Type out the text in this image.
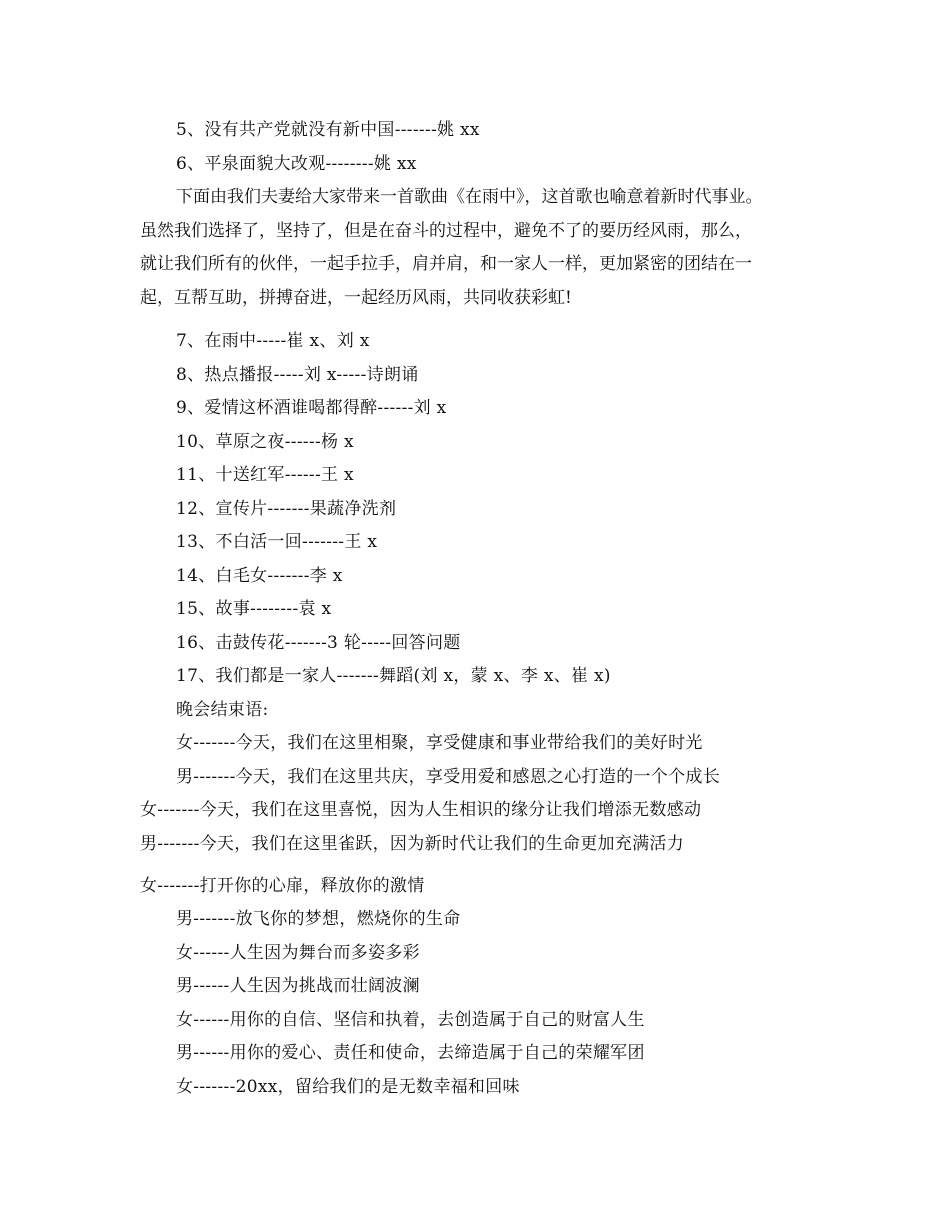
5、没有共产党就没有新中国-------姚 xx
6、平泉面貌大改观--------姚 xx
下面由我们夫妻给大家带来一首歌曲《在雨中》，这首歌也喻意着新时代事业。
虽然我们选择了，坚持了，但是在奋斗的过程中，避免不了的要历经风雨，那么，
就让我们所有的伙伴，一起手拉手，肩并肩，和一家人一样，更加紧密的团结在一
起，互帮互助，拼搏奋进，一起经历风雨，共同收获彩虹!
7、在雨中-----崔 x、刘 x
8、热点播报-----刘 x-----诗朗诵
9、爱情这杯酒谁喝都得醉------刘 x
10、草原之夜------杨 x
11、十送红军------王 x
12、宣传片-------果蔬净洗剂
13、不白活一回-------王 x
14、白毛女-------李 x
15、故事--------袁 x
16、击鼓传花-------3 轮-----回答问题
17、我们都是一家人-------舞蹈(刘 x，蒙 x、李 x、崔 x)
晚会结束语:
女-------今天，我们在这里相聚，享受健康和事业带给我们的美好时光
男-------今天，我们在这里共庆，享受用爱和感恩之心打造的一个个成长
女-------今天，我们在这里喜悦，因为人生相识的缘分让我们增添无数感动
男-------今天，我们在这里雀跃，因为新时代让我们的生命更加充满活力
女-------打开你的心扉，释放你的激情
男-------放飞你的梦想，燃烧你的生命
女------人生因为舞台而多姿多彩
男------人生因为挑战而壮阔波澜
女------用你的自信、坚信和执着，去创造属于自己的财富人生
男------用你的爱心、责任和使命，去缔造属于自己的荣耀军团
女-------20xx，留给我们的是无数幸福和回味
